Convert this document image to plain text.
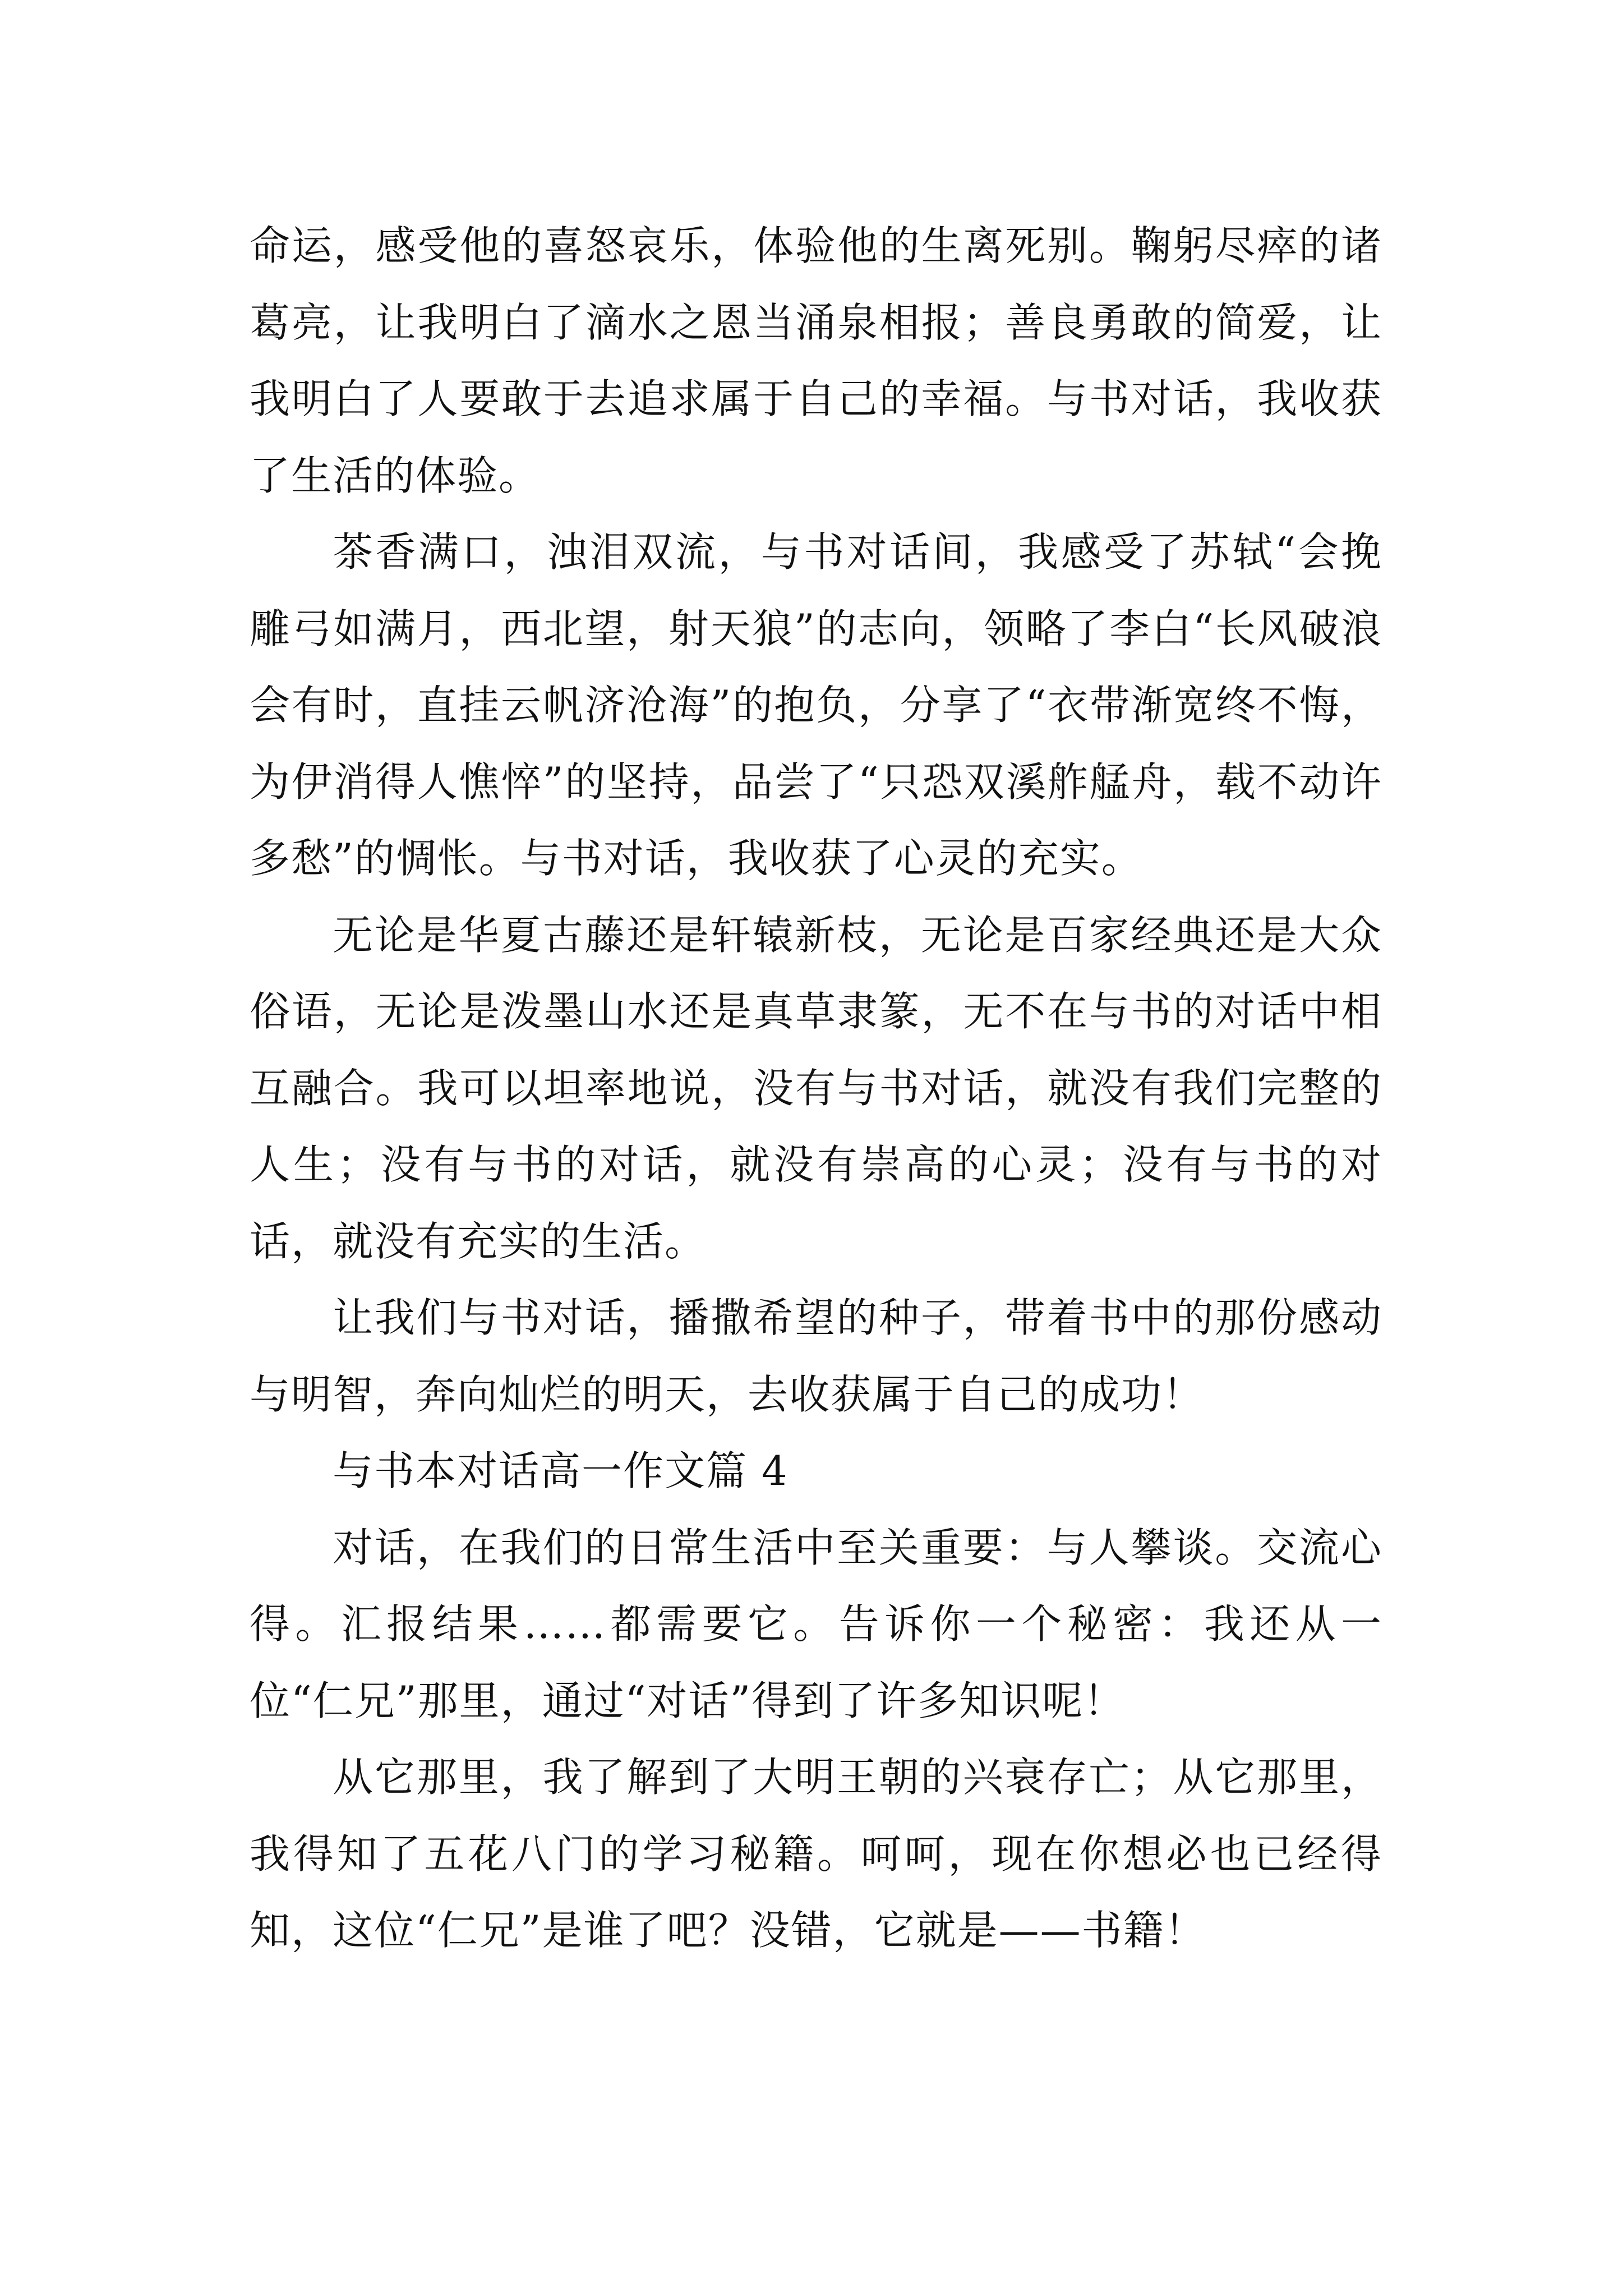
命运，感受他的喜怒哀乐，体验他的生离死别。鞠躬尽瘁的诸葛亮，让我明白了滴水之恩当涌泉相报；善良勇敢的简爱，让我明白了人要敢于去追求属于自己的幸福。与书对话，我收获了生活的体验。

茶香满口，浊泪双流，与书对话间，我感受了苏轼“会挽雕弓如满月，西北望，射天狼”的志向，领略了李白“长风破浪会有时，直挂云帆济沧海”的抱负，分享了“衣带渐宽终不悔，为伊消得人憔悴”的坚持，品尝了“只恐双溪舴艋舟，载不动许多愁”的惆怅。与书对话，我收获了心灵的充实。

无论是华夏古藤还是轩辕新枝，无论是百家经典还是大众俗语，无论是泼墨山水还是真草隶篆，无不在与书的对话中相互融合。我可以坦率地说，没有与书对话，就没有我们完整的人生；没有与书的对话，就没有崇高的心灵；没有与书的对话，就没有充实的生活。

让我们与书对话，播撒希望的种子，带着书中的那份感动与明智，奔向灿烂的明天，去收获属于自己的成功！

与书本对话高一作文篇 4

对话，在我们的日常生活中至关重要：与人攀谈。交流心得。汇报结果……都需要它。告诉你一个秘密：我还从一位“仁兄”那里，通过“对话”得到了许多知识呢！

从它那里，我了解到了大明王朝的兴衰存亡；从它那里，我得知了五花八门的学习秘籍。呵呵，现在你想必也已经得知，这位“仁兄”是谁了吧？没错，它就是——书籍！
